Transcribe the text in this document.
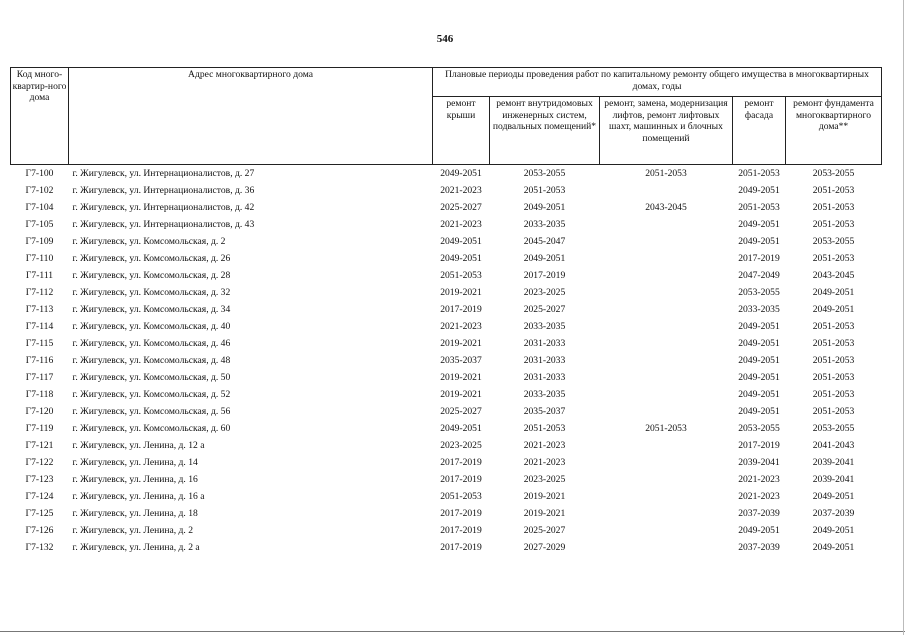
546
Код много-квартир-ного дома	Адрес многоквартирного дома	Плановые периоды проведения работ по капитальному ремонту общего имущества в многоквартирных домах, годы				
		ремонт крыши	ремонт внутридомовых инженерных систем, подвальных помещений*	ремонт, замена, модернизация лифтов, ремонт лифтовых шахт, машинных и блочных помещений	ремонт фасада	ремонт фундамента многоквартирного дома**
Г7-100	г. Жигулевск, ул. Интернационалистов, д. 27	2049-2051	2053-2055	2051-2053	2051-2053	2053-2055
Г7-102	г. Жигулевск, ул. Интернационалистов, д. 36	2021-2023	2051-2053		2049-2051	2051-2053
Г7-104	г. Жигулевск, ул. Интернационалистов, д. 42	2025-2027	2049-2051	2043-2045	2051-2053	2051-2053
Г7-105	г. Жигулевск, ул. Интернационалистов, д. 43	2021-2023	2033-2035		2049-2051	2051-2053
Г7-109	г. Жигулевск, ул. Комсомольская, д. 2	2049-2051	2045-2047		2049-2051	2053-2055
Г7-110	г. Жигулевск, ул. Комсомольская, д. 26	2049-2051	2049-2051		2017-2019	2051-2053
Г7-111	г. Жигулевск, ул. Комсомольская, д. 28	2051-2053	2017-2019		2047-2049	2043-2045
Г7-112	г. Жигулевск, ул. Комсомольская, д. 32	2019-2021	2023-2025		2053-2055	2049-2051
Г7-113	г. Жигулевск, ул. Комсомольская, д. 34	2017-2019	2025-2027		2033-2035	2049-2051
Г7-114	г. Жигулевск, ул. Комсомольская, д. 40	2021-2023	2033-2035		2049-2051	2051-2053
Г7-115	г. Жигулевск, ул. Комсомольская, д. 46	2019-2021	2031-2033		2049-2051	2051-2053
Г7-116	г. Жигулевск, ул. Комсомольская, д. 48	2035-2037	2031-2033		2049-2051	2051-2053
Г7-117	г. Жигулевск, ул. Комсомольская, д. 50	2019-2021	2031-2033		2049-2051	2051-2053
Г7-118	г. Жигулевск, ул. Комсомольская, д. 52	2019-2021	2033-2035		2049-2051	2051-2053
Г7-120	г. Жигулевск, ул. Комсомольская, д. 56	2025-2027	2035-2037		2049-2051	2051-2053
Г7-119	г. Жигулевск, ул. Комсомольская, д. 60	2049-2051	2051-2053	2051-2053	2053-2055	2053-2055
Г7-121	г. Жигулевск, ул. Ленина, д. 12 а	2023-2025	2021-2023		2017-2019	2041-2043
Г7-122	г. Жигулевск, ул. Ленина, д. 14	2017-2019	2021-2023		2039-2041	2039-2041
Г7-123	г. Жигулевск, ул. Ленина, д. 16	2017-2019	2023-2025		2021-2023	2039-2041
Г7-124	г. Жигулевск, ул. Ленина, д. 16 а	2051-2053	2019-2021		2021-2023	2049-2051
Г7-125	г. Жигулевск, ул. Ленина, д. 18	2017-2019	2019-2021		2037-2039	2037-2039
Г7-126	г. Жигулевск, ул. Ленина, д. 2	2017-2019	2025-2027		2049-2051	2049-2051
Г7-132	г. Жигулевск, ул. Ленина, д. 2 а	2017-2019	2027-2029		2037-2039	2049-2051
